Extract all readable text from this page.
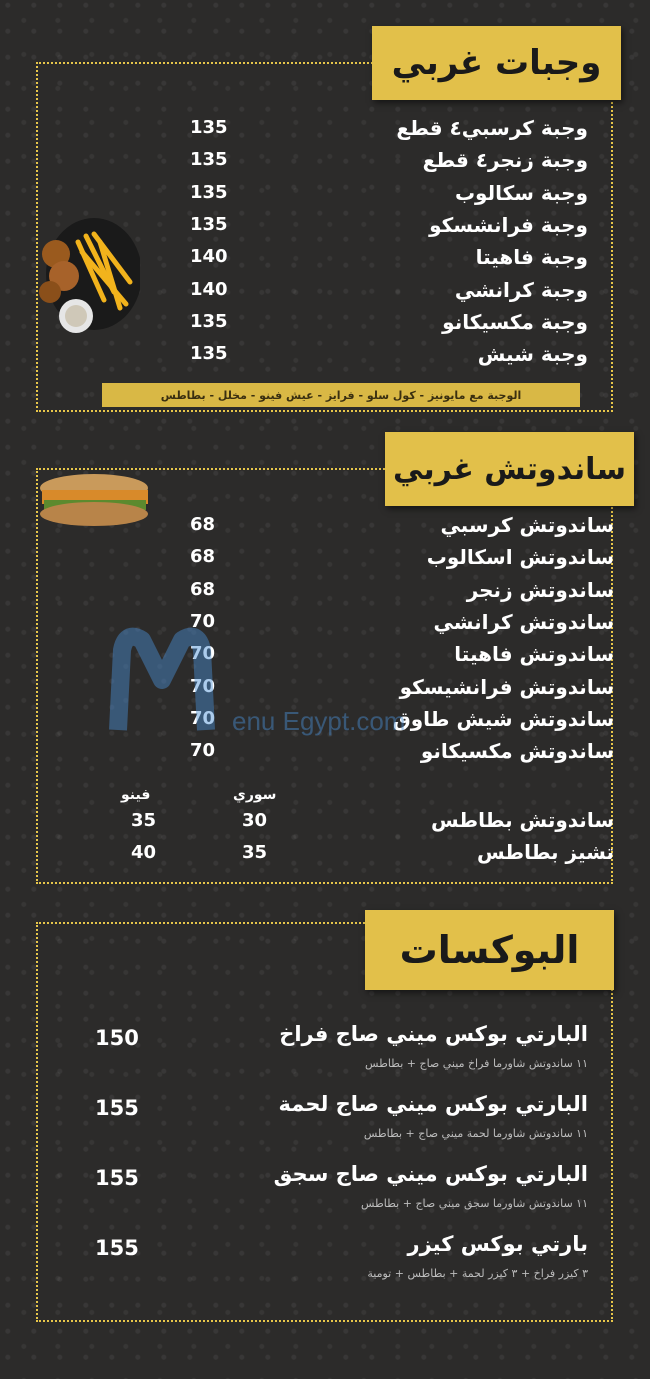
وجبات غربي
وجبة كرسبي٤ قطع
135
وجبة زنجر٤ قطع
135
وجبة سكالوب
135
وجبة فرانشسكو
135
وجبة فاهيتا
140
وجبة كرانشي
140
وجبة مكسيكانو
135
وجبة شيش
135
الوجبة مع مايونيز - كول سلو - فرايز - عيش فينو - مخلل - بطاطس
ساندوتش غربي
ساندوتش كرسبي
68
ساندوتش اسكالوب
68
ساندوتش زنجر
68
ساندوتش كرانشي
70
ساندوتش فاهيتا
70
ساندوتش فرانشيسكو
70
ساندوتش شيش طاوق
70
ساندوتش مكسيكانو
70
سوري
فينو
ساندوتش بطاطس
30
35
تشيز بطاطس
35
40
البوكسات
البارتي بوكس ميني صاج فراخ
150
١١ ساندوتش شاورما فراخ ميني صاج + بطاطس
البارتي بوكس ميني صاج لحمة
155
١١ ساندوتش شاورما لحمة ميني صاج + بطاطس
البارتي بوكس ميني صاج سجق
155
١١ ساندوتش شاورما سجق ميني صاج + بطاطس
بارتي بوكس كيزر
155
٣ كيزر فراخ + ٣ كيزر لحمة + بطاطس + تومية
enu Egypt.com
